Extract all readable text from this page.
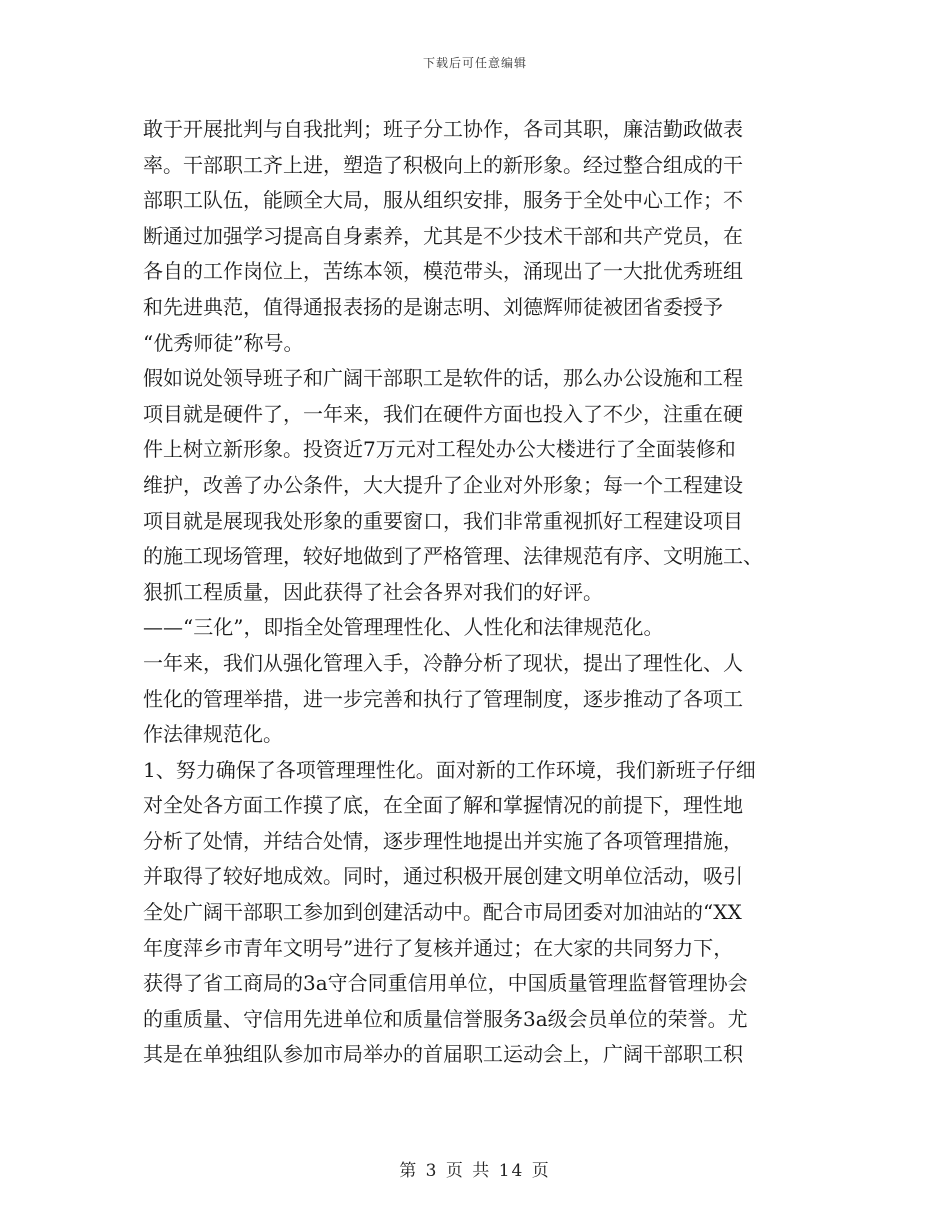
下载后可任意编辑
敢于开展批判与自我批判；班子分工协作，各司其职，廉洁勤政做表
率。干部职工齐上进，塑造了积极向上的新形象。经过整合组成的干
部职工队伍，能顾全大局，服从组织安排，服务于全处中心工作；不
断通过加强学习提高自身素养，尤其是不少技术干部和共产党员，在
各自的工作岗位上，苦练本领，模范带头，涌现出了一大批优秀班组
和先进典范，值得通报表扬的是谢志明、刘德辉师徒被团省委授予
“优秀师徒”称号。
假如说处领导班子和广阔干部职工是软件的话，那么办公设施和工程
项目就是硬件了，一年来，我们在硬件方面也投入了不少，注重在硬
件上树立新形象。投资近7万元对工程处办公大楼进行了全面装修和
维护，改善了办公条件，大大提升了企业对外形象；每一个工程建设
项目就是展现我处形象的重要窗口，我们非常重视抓好工程建设项目
的施工现场管理，较好地做到了严格管理、法律规范有序、文明施工、
狠抓工程质量，因此获得了社会各界对我们的好评。
——“三化”，即指全处管理理性化、人性化和法律规范化。
一年来，我们从强化管理入手，冷静分析了现状，提出了理性化、人
性化的管理举措，进一步完善和执行了管理制度，逐步推动了各项工
作法律规范化。
1、努力确保了各项管理理性化。面对新的工作环境，我们新班子仔细
对全处各方面工作摸了底，在全面了解和掌握情况的前提下，理性地
分析了处情，并结合处情，逐步理性地提出并实施了各项管理措施，
并取得了较好地成效。同时，通过积极开展创建文明单位活动，吸引
全处广阔干部职工参加到创建活动中。配合市局团委对加油站的“XX
年度萍乡市青年文明号”进行了复核并通过；在大家的共同努力下，
获得了省工商局的3a守合同重信用单位，中国质量管理监督管理协会
的重质量、守信用先进单位和质量信誉服务3a级会员单位的荣誉。尤
其是在单独组队参加市局举办的首届职工运动会上，广阔干部职工积
第 3 页 共 14 页
